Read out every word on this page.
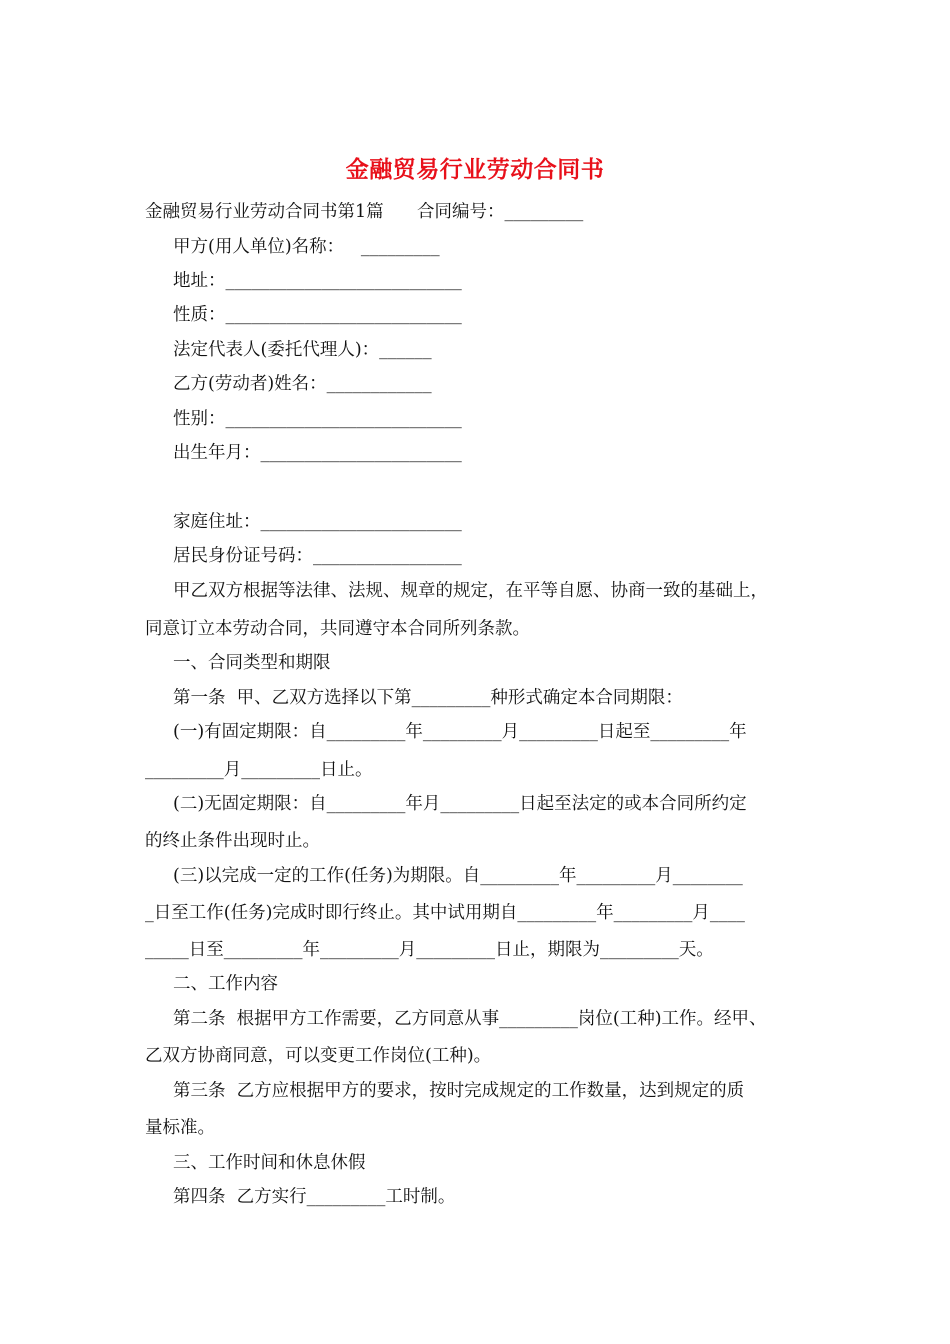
金融贸易行业劳动合同书
金融贸易行业劳动合同书第1篇      合同编号：_________
甲方(用人单位)名称：   _________
地址：___________________________
性质：___________________________
法定代表人(委托代理人)：______
乙方(劳动者)姓名：____________
性别：___________________________
出生年月：_______________________
家庭住址：_______________________
居民身份证号码：_________________
甲乙双方根据等法律、法规、规章的规定，在平等自愿、协商一致的基础上，
同意订立本劳动合同，共同遵守本合同所列条款。
一、合同类型和期限
第一条  甲、乙双方选择以下第_________种形式确定本合同期限：
(一)有固定期限：自_________年_________月_________日起至_________年
_________月_________日止。
(二)无固定期限：自_________年月_________日起至法定的或本合同所约定
的终止条件出现时止。
(三)以完成一定的工作(任务)为期限。自_________年_________月________
_日至工作(任务)完成时即行终止。其中试用期自_________年_________月____
_____日至_________年_________月_________日止，期限为_________天。
二、工作内容
第二条  根据甲方工作需要，乙方同意从事_________岗位(工种)工作。经甲、
乙双方协商同意，可以变更工作岗位(工种)。
第三条  乙方应根据甲方的要求，按时完成规定的工作数量，达到规定的质
量标准。
三、工作时间和休息休假
第四条  乙方实行_________工时制。
